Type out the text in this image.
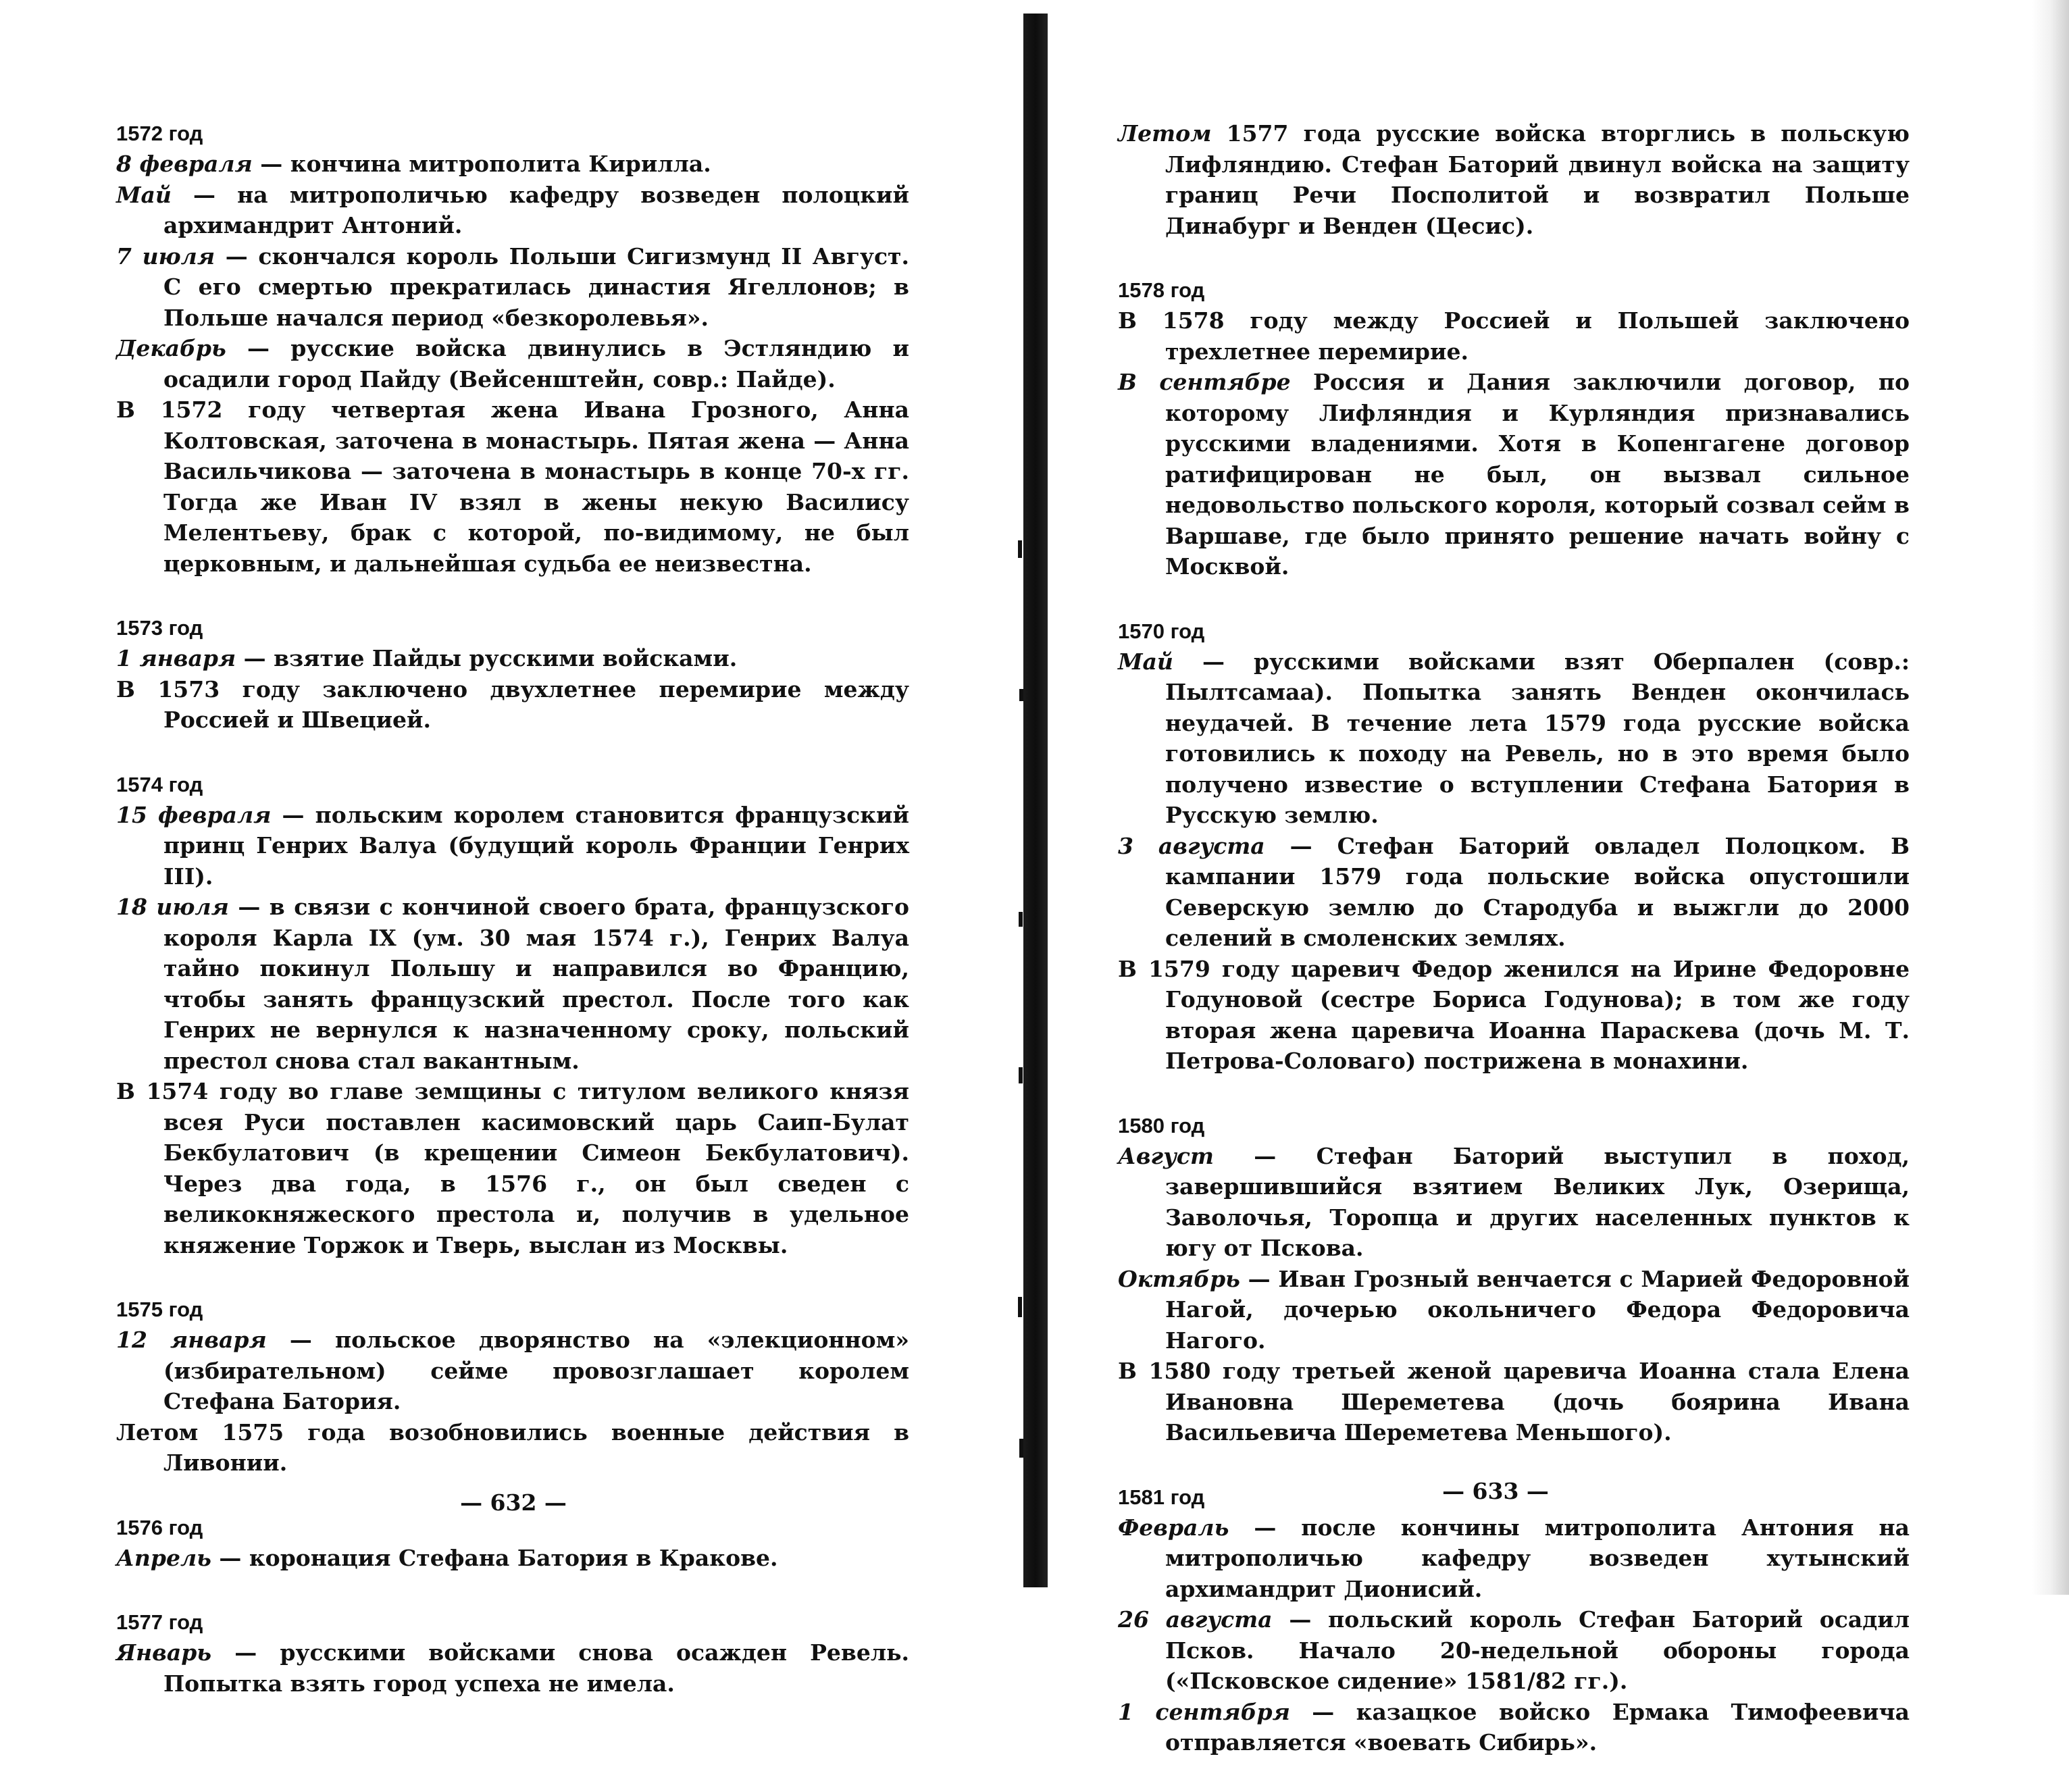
1572 год

8 февраля — кончина митрополита Кирилла.

Май — на митрополичью кафедру возведен полоцкий архимандрит Антоний.

7 июля — скончался король Польши Сигизмунд II Август. С его смертью прекратилась династия Ягеллонов; в Польше начался период «безкоролевья».

Декабрь — русские войска двинулись в Эстляндию и осадили город Пайду (Вейсенштейн, совр.: Пайде).

В 1572 году четвертая жена Ивана Грозного, Анна Колтовская, заточена в монастырь. Пятая жена — Анна Васильчикова — заточена в монастырь в конце 70-х гг. Тогда же Иван IV взял в жены некую Василису Мелентьеву, брак с которой, по-видимому, не был церковным, и дальнейшая судьба ее неизвестна.

1573 год

1 января — взятие Пайды русскими войсками.

В 1573 году заключено двухлетнее перемирие между Россией и Швецией.

1574 год

15 февраля — польским королем становится французский принц Генрих Валуа (будущий король Франции Генрих III).

18 июля — в связи с кончиной своего брата, французского короля Карла IX (ум. 30 мая 1574 г.), Генрих Валуа тайно покинул Польшу и направился во Францию, чтобы занять французский престол. После того как Генрих не вернулся к назначенному сроку, польский престол снова стал вакантным.

В 1574 году во главе земщины с титулом великого князя всея Руси поставлен касимовский царь Саип-Булат Бекбулатович (в крещении Симеон Бекбулатович). Через два года, в 1576 г., он был сведен с великокняжеского престола и, получив в удельное княжение Торжок и Тверь, выслан из Москвы.

1575 год

12 января — польское дворянство на «элекционном» (избирательном) сейме провозглашает королем Стефана Батория.

Летом 1575 года возобновились военные действия в Ливонии.

1576 год

Апрель — коронация Стефана Батория в Кракове.

1577 год

Январь — русскими войсками снова осажден Ревель. Попытка взять город успеха не имела.

— 632 —

Летом 1577 года русские войска вторглись в польскую Лифляндию. Стефан Баторий двинул войска на защиту границ Речи Посполитой и возвратил Польше Динабург и Венден (Цесис).

1578 год

В 1578 году между Россией и Польшей заключено трехлетнее перемирие.

В сентябре Россия и Дания заключили договор, по которому Лифляндия и Курляндия признавались русскими владениями. Хотя в Копенгагене договор ратифицирован не был, он вызвал сильное недовольство польского короля, который созвал сейм в Варшаве, где было принято решение начать войну с Москвой.

1570 год

Май — русскими войсками взят Оберпален (совр.: Пылтсамаа). Попытка занять Венден окончилась неудачей. В течение лета 1579 года русские войска готовились к походу на Ревель, но в это время было получено известие о вступлении Стефана Батория в Русскую землю.

3 августа — Стефан Баторий овладел Полоцком. В кампании 1579 года польские войска опустошили Северскую землю до Стародуба и выжгли до 2000 селений в смоленских землях.

В 1579 году царевич Федор женился на Ирине Федоровне Годуновой (сестре Бориса Годунова); в том же году вторая жена царевича Иоанна Параскева (дочь М. Т. Петрова-Соловаго) пострижена в монахини.

1580 год

Август — Стефан Баторий выступил в поход, завершившийся взятием Великих Лук, Озерища, Заволочья, Торопца и других населенных пунктов к югу от Пскова.

Октябрь — Иван Грозный венчается с Марией Федоровной Нагой, дочерью окольничего Федора Федоровича Нагого.

В 1580 году третьей женой царевича Иоанна стала Елена Ивановна Шереметева (дочь боярина Ивана Васильевича Шереметева Меньшого).

1581 год

Февраль — после кончины митрополита Антония на митрополичью кафедру возведен хутынский архимандрит Дионисий.

26 августа — польский король Стефан Баторий осадил Псков. Начало 20-недельной обороны города («Псковское сидение» 1581/82 гг.).

1 сентября — казацкое войско Ермака Тимофеевича отправляется «воевать Сибирь».

— 633 —
